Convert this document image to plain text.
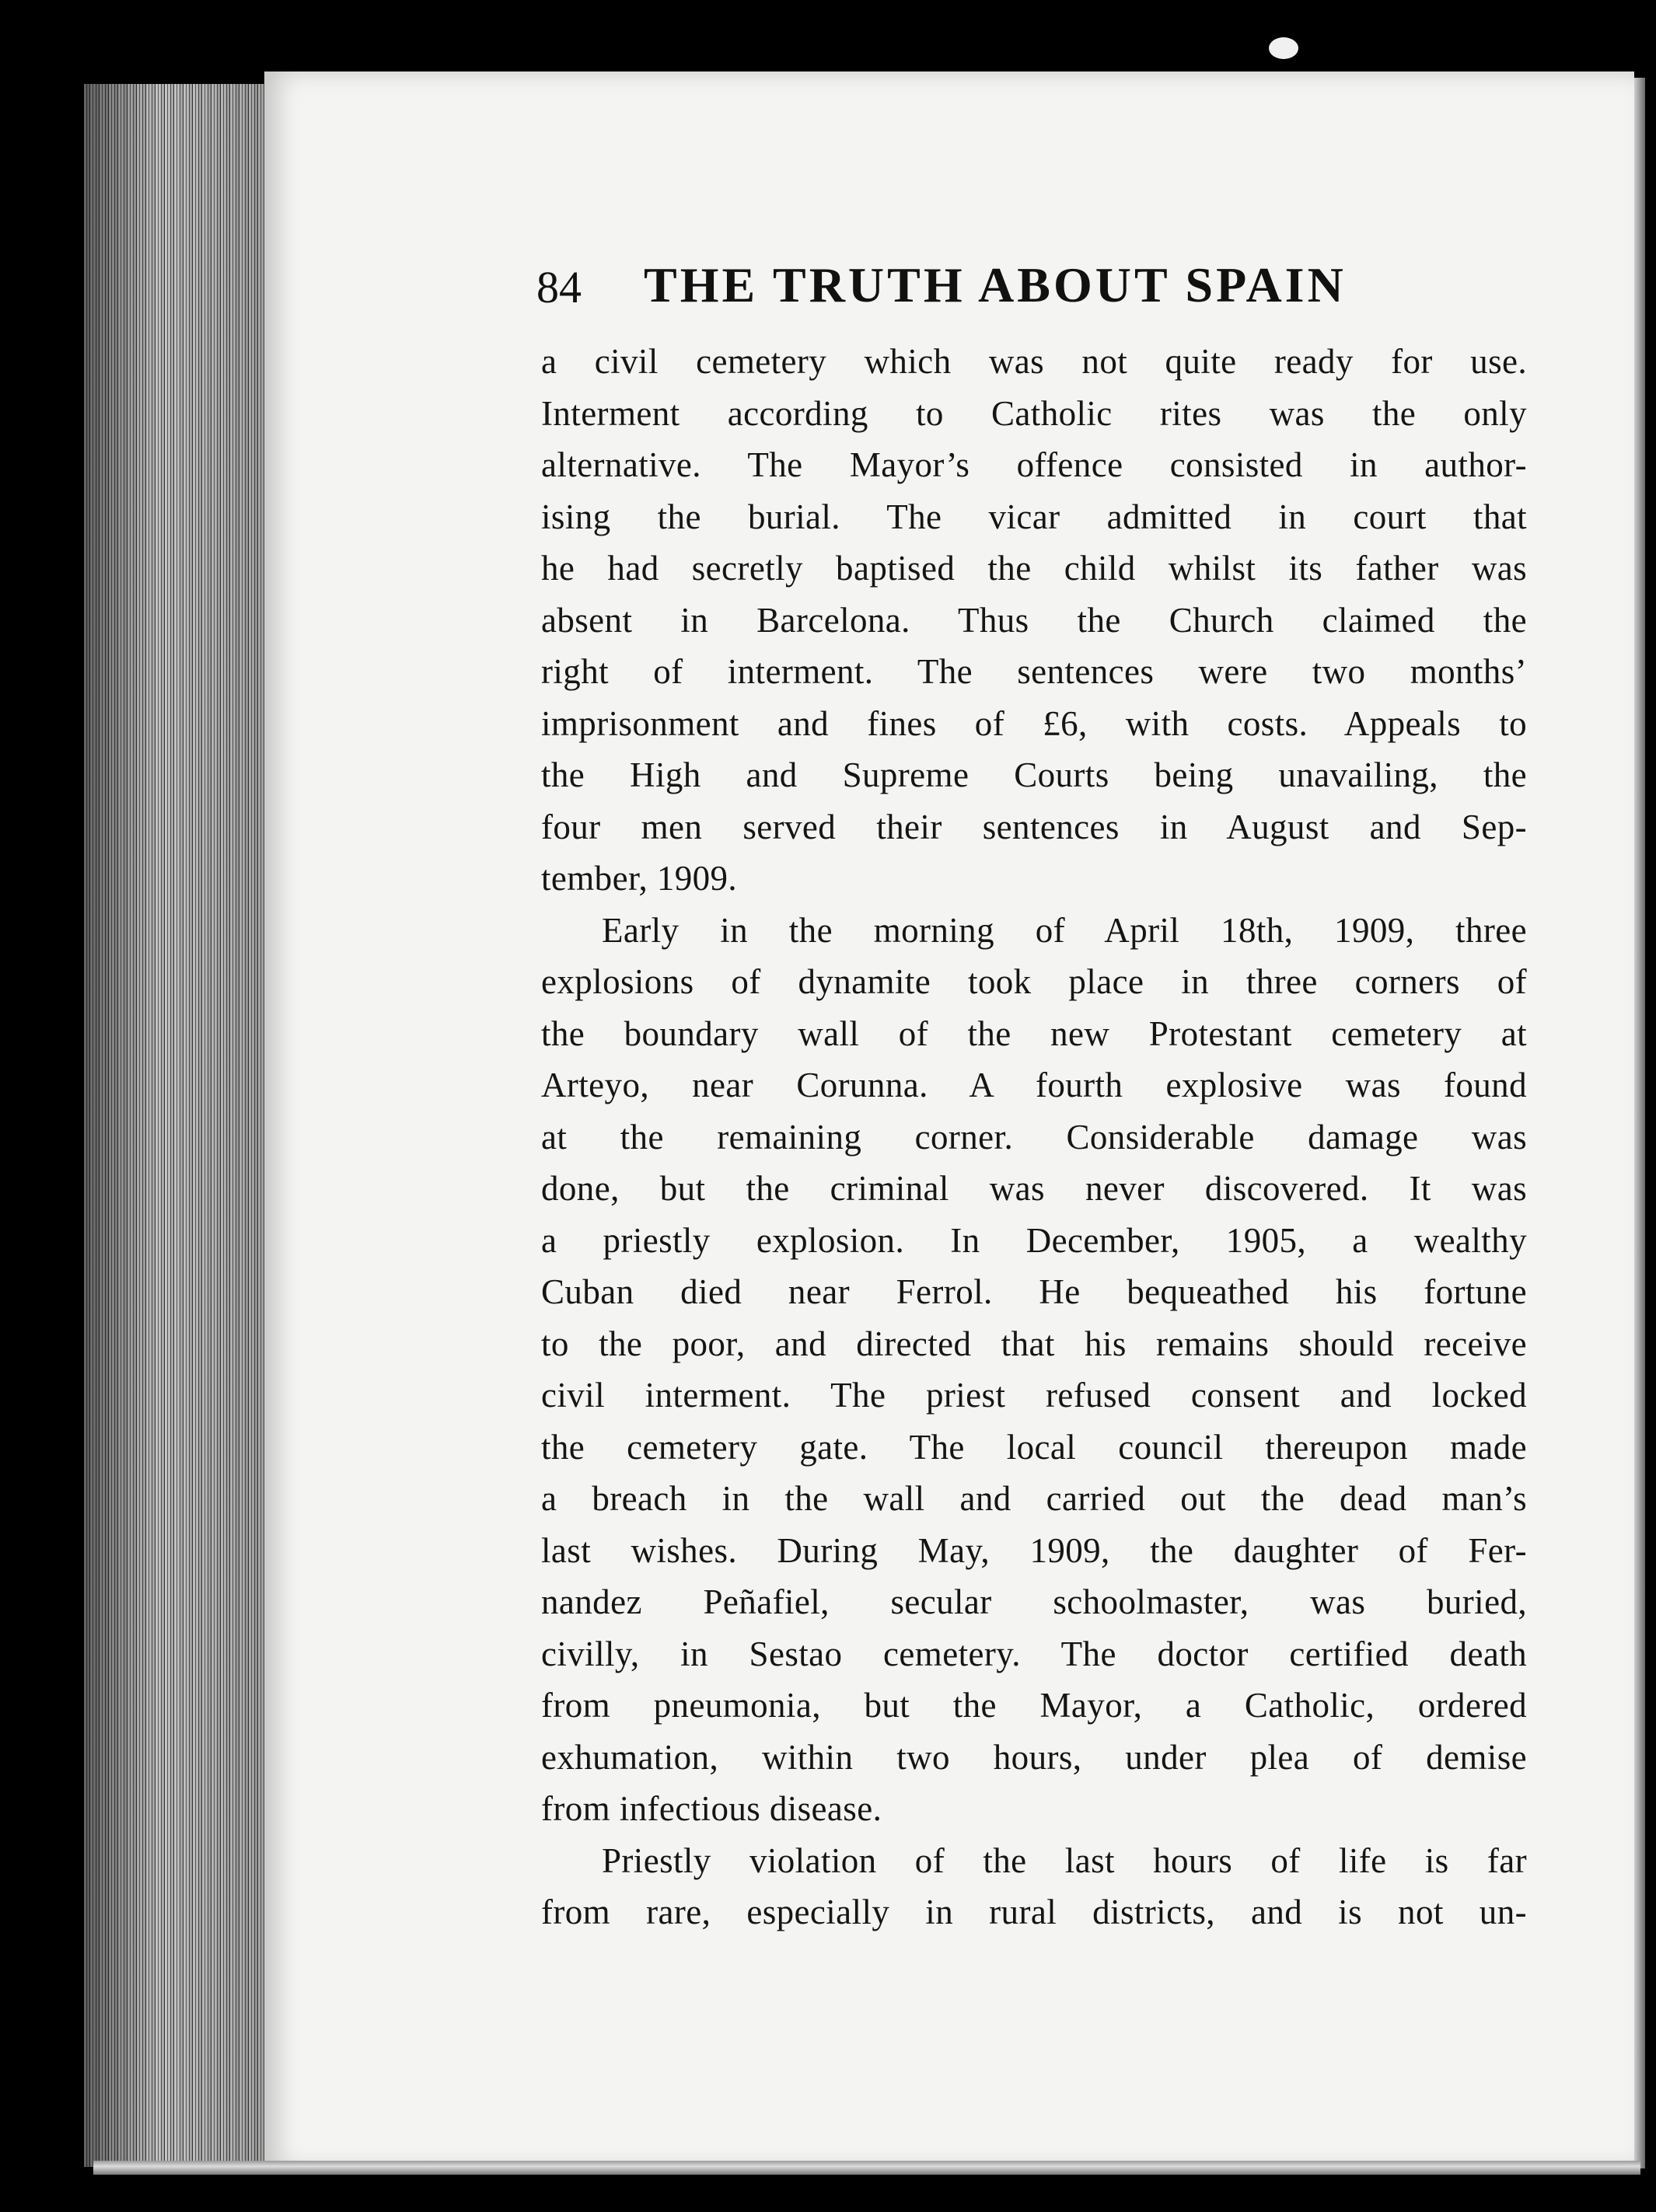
84 THE TRUTH ABOUT SPAIN
a civil cemetery which was not quite ready for use.
Interment according to Catholic rites was the only
alternative. The Mayor’s offence consisted in author-
ising the burial. The vicar admitted in court that
he had secretly baptised the child whilst its father was
absent in Barcelona. Thus the Church claimed the
right of interment. The sentences were two months’
imprisonment and fines of £6, with costs. Appeals to
the High and Supreme Courts being unavailing, the
four men served their sentences in August and Sep-
tember, 1909.
Early in the morning of April 18th, 1909, three
explosions of dynamite took place in three corners of
the boundary wall of the new Protestant cemetery at
Arteyo, near Corunna. A fourth explosive was found
at the remaining corner. Considerable damage was
done, but the criminal was never discovered. It was
a priestly explosion. In December, 1905, a wealthy
Cuban died near Ferrol. He bequeathed his fortune
to the poor, and directed that his remains should receive
civil interment. The priest refused consent and locked
the cemetery gate. The local council thereupon made
a breach in the wall and carried out the dead man’s
last wishes. During May, 1909, the daughter of Fer-
nandez Peñafiel, secular schoolmaster, was buried,
civilly, in Sestao cemetery. The doctor certified death
from pneumonia, but the Mayor, a Catholic, ordered
exhumation, within two hours, under plea of demise
from infectious disease.
Priestly violation of the last hours of life is far
from rare, especially in rural districts, and is not un-
